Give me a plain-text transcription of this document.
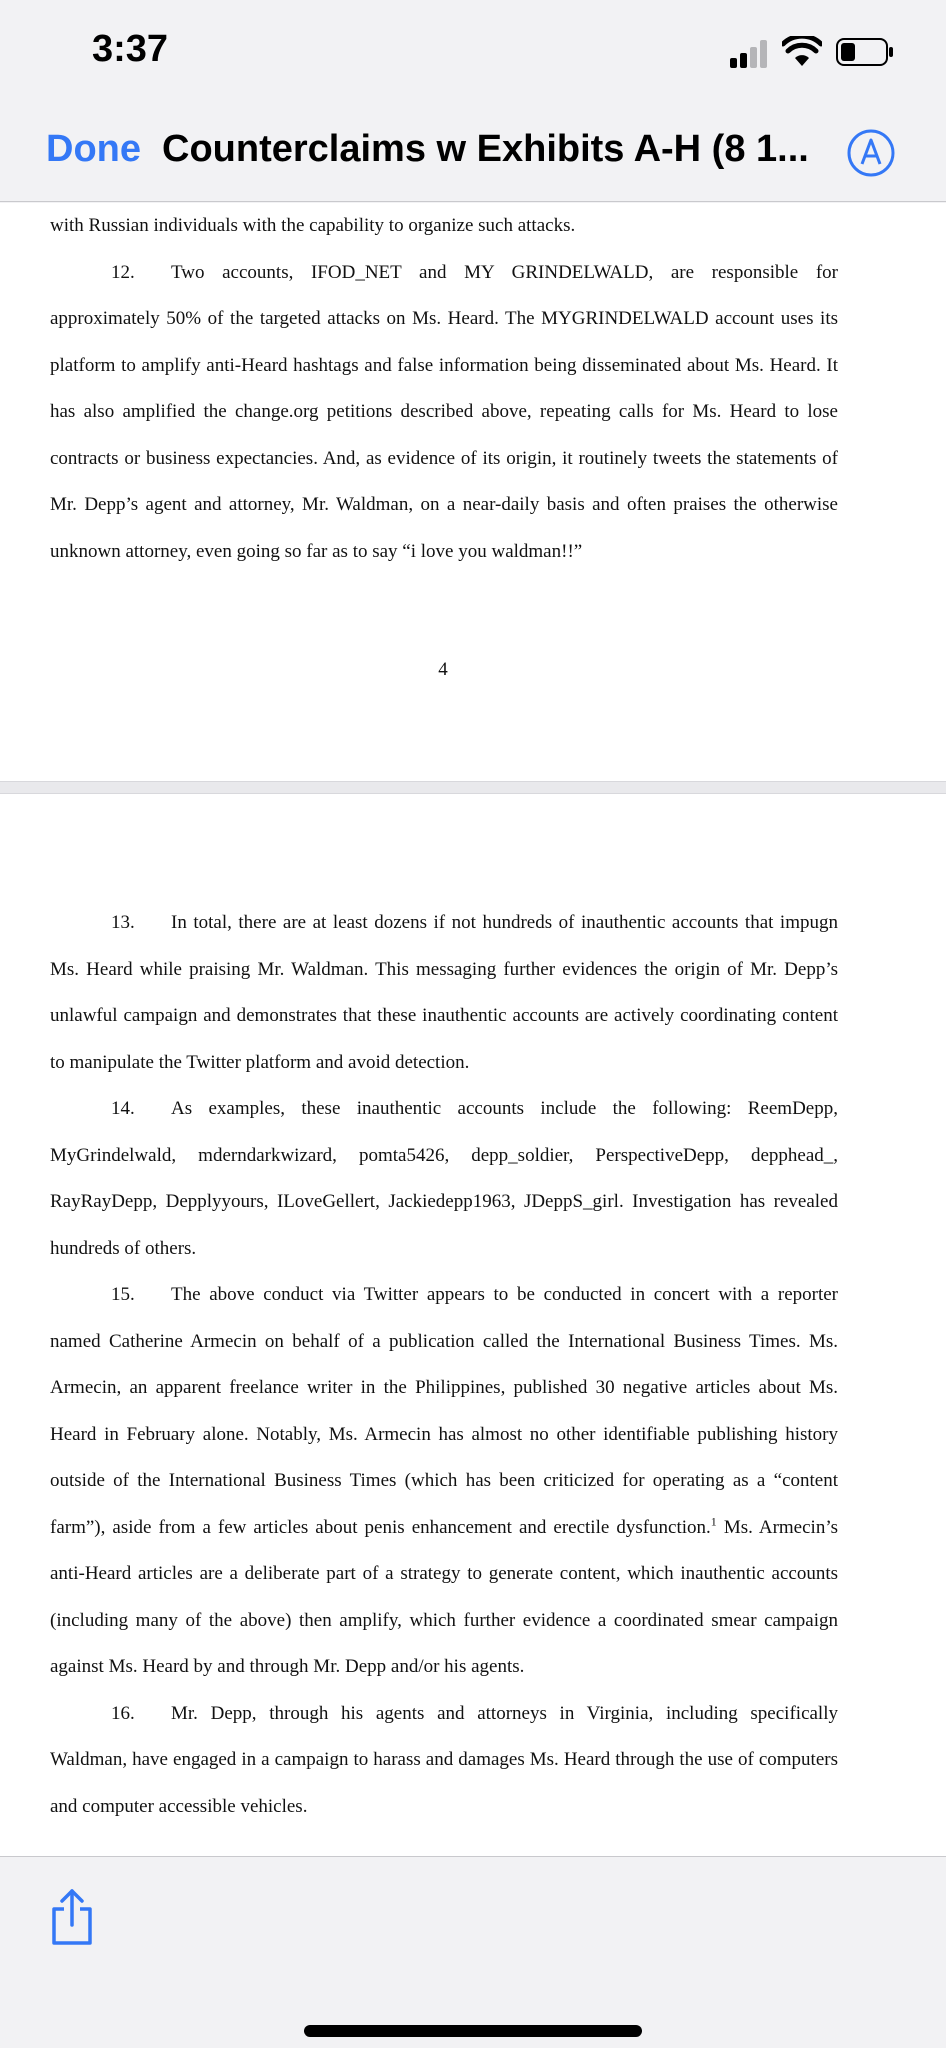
3:37
Done Counterclaims w Exhibits A-H (8 1...

with Russian individuals with the capability to organize such attacks.

12. Two accounts, IFOD_NET and MY GRINDELWALD, are responsible for approximately 50% of the targeted attacks on Ms. Heard. The MYGRINDELWALD account uses its platform to amplify anti-Heard hashtags and false information being disseminated about Ms. Heard. It has also amplified the change.org petitions described above, repeating calls for Ms. Heard to lose contracts or business expectancies. And, as evidence of its origin, it routinely tweets the statements of Mr. Depp’s agent and attorney, Mr. Waldman, on a near-daily basis and often praises the otherwise unknown attorney, even going so far as to say “i love you waldman!!”

4

13. In total, there are at least dozens if not hundreds of inauthentic accounts that impugn Ms. Heard while praising Mr. Waldman. This messaging further evidences the origin of Mr. Depp’s unlawful campaign and demonstrates that these inauthentic accounts are actively coordinating content to manipulate the Twitter platform and avoid detection.

14. As examples, these inauthentic accounts include the following: ReemDepp, MyGrindelwald, mderndarkwizard, pomta5426, depp_soldier, PerspectiveDepp, depphead_, RayRayDepp, Depplyyours, ILoveGellert, Jackiedepp1963, JDeppS_girl. Investigation has revealed hundreds of others.

15. The above conduct via Twitter appears to be conducted in concert with a reporter named Catherine Armecin on behalf of a publication called the International Business Times. Ms. Armecin, an apparent freelance writer in the Philippines, published 30 negative articles about Ms. Heard in February alone. Notably, Ms. Armecin has almost no other identifiable publishing history outside of the International Business Times (which has been criticized for operating as a “content farm”), aside from a few articles about penis enhancement and erectile dysfunction.$^1$ Ms. Armecin’s anti-Heard articles are a deliberate part of a strategy to generate content, which inauthentic accounts (including many of the above) then amplify, which further evidence a coordinated smear campaign against Ms. Heard by and through Mr. Depp and/or his agents.

16. Mr. Depp, through his agents and attorneys in Virginia, including specifically Waldman, have engaged in a campaign to harass and damages Ms. Heard through the use of computers and computer accessible vehicles.
